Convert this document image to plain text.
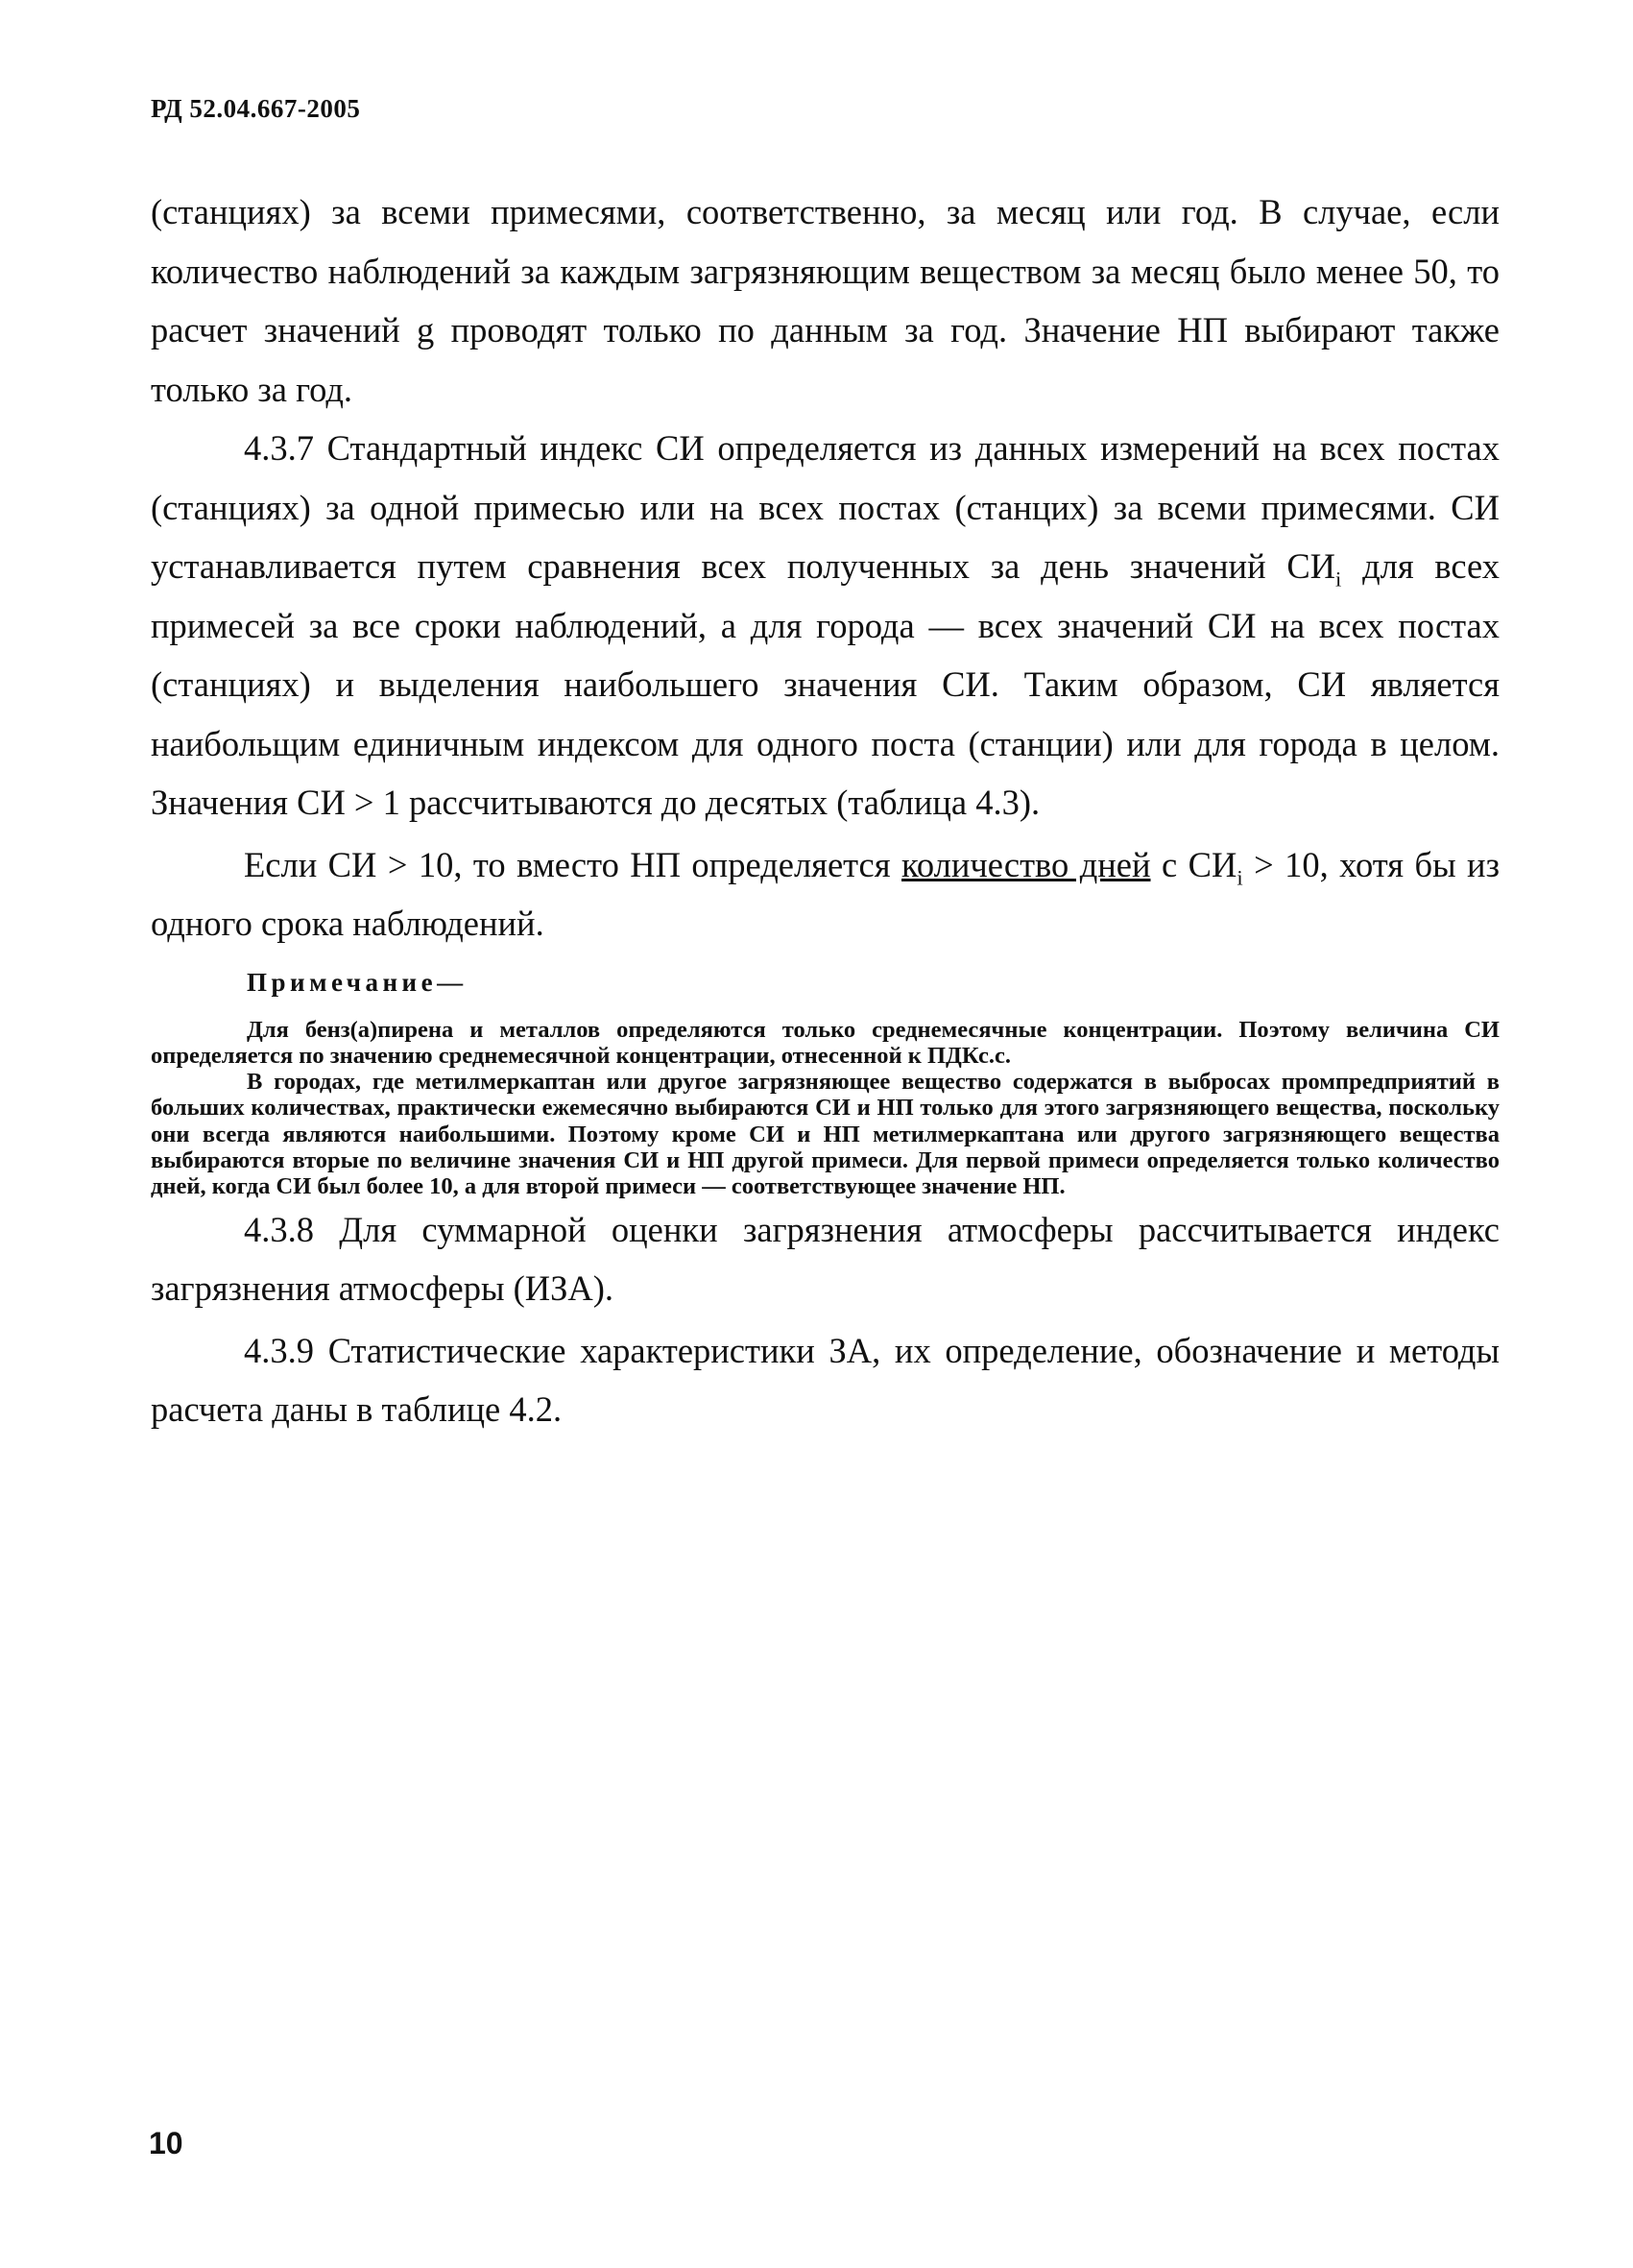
РД 52.04.667-2005

(станциях) за всеми примесями, соответственно, за месяц или год. В случае, если количество наблюдений за каждым загрязняющим веществом за месяц было менее 50, то расчет значений g проводят только по данным за год. Значение НП выбирают также только за год.

4.3.7 Стандартный индекс СИ определяется из данных измерений на всех постах (станциях) за одной примесью или на всех постах (станцих) за всеми примесями. СИ устанавливается путем сравнения всех полученных за день значений $СИ_i$ для всех примесей за все сроки наблюдений, а для города — всех значений СИ на всех постах (станциях) и выделения наибольшего значения СИ. Таким образом, СИ является наибольщим единичным индексом для одного поста (станции) или для города в целом. Значения СИ > 1 рассчитываются до десятых (таблица 4.3).

Если СИ > 10, то вместо НП определяется количество дней с $СИ_i > 10$, хотя бы из одного срока наблюдений.

Примечание—

Для бенз(а)пирена и металлов определяются только среднемесячные концентрации. Поэтому величина СИ определяется по значению среднемесячной концентрации, отнесенной к ПДКс.с.

В городах, где метилмеркаптан или другое загрязняющее вещество содержатся в выбросах промпредприятий в больших количествах, практически ежемесячно выбираются СИ и НП только для этого загрязняющего вещества, поскольку они всегда являются наибольшими. Поэтому кроме СИ и НП метилмеркаптана или другого загрязняющего вещества выбираются вторые по величине значения СИ и НП другой примеси. Для первой примеси определяется только количество дней, когда СИ был более 10, а для второй примеси — соответствующее значение НП.

4.3.8 Для суммарной оценки загрязнения атмосферы рассчитывается индекс загрязнения атмосферы (ИЗА).

4.3.9 Статистические характеристики ЗА, их определение, обозначение и методы расчета даны в таблице 4.2.

10
